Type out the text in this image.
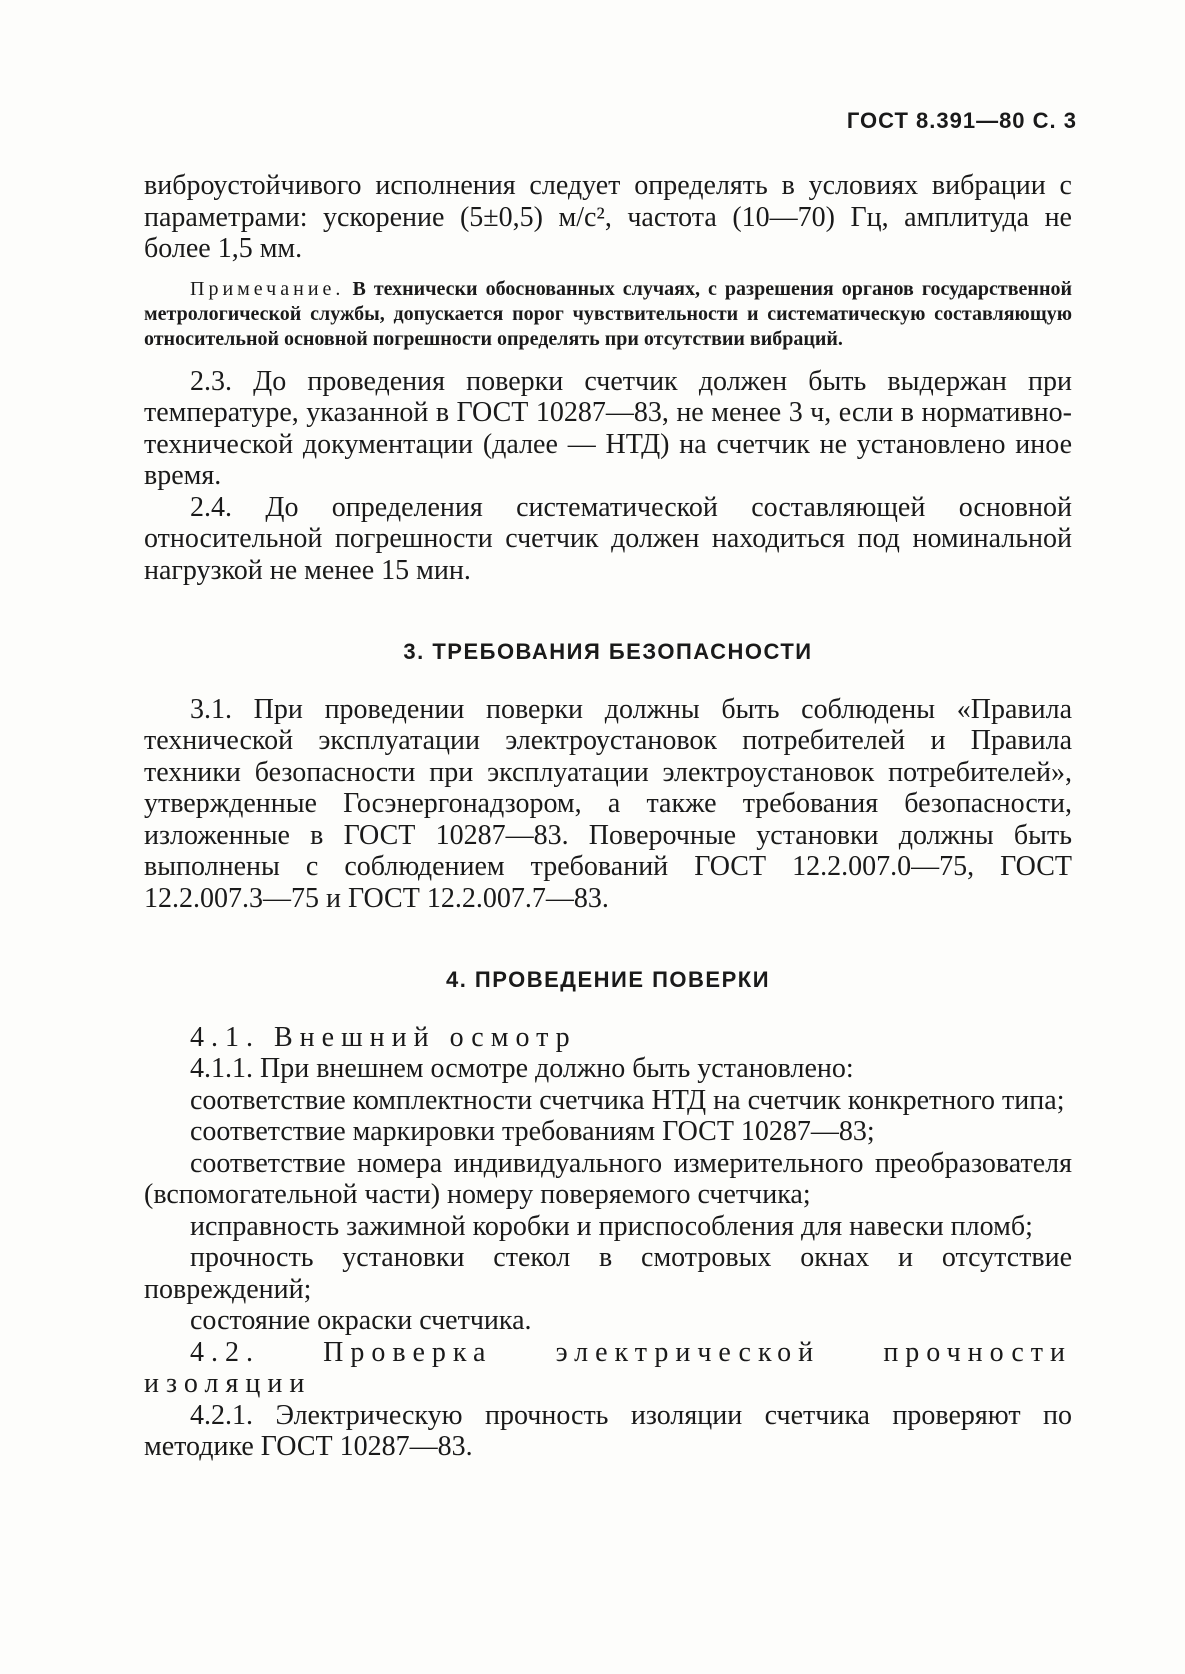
ГОСТ 8.391—80 С. 3

виброустойчивого исполнения следует определять в условиях вибрации с параметрами: ускорение (5±0,5) м/с², частота (10—70) Гц, амплитуда не более 1,5 мм.

Примечание. В технически обоснованных случаях, с разрешения органов государственной метрологической службы, допускается порог чувствительности и систематическую составляющую относительной основной погрешности определять при отсутствии вибраций.

2.3. До проведения поверки счетчик должен быть выдержан при температуре, указанной в ГОСТ 10287—83, не менее 3 ч, если в нормативно-технической документации (далее — НТД) на счетчик не установлено иное время.

2.4. До определения систематической составляющей основной относительной погрешности счетчик должен находиться под номинальной нагрузкой не менее 15 мин.

3. ТРЕБОВАНИЯ БЕЗОПАСНОСТИ

3.1. При проведении поверки должны быть соблюдены «Правила технической эксплуатации электроустановок потребителей и Правила техники безопасности при эксплуатации электроустановок потребителей», утвержденные Госэнергонадзором, а также требования безопасности, изложенные в ГОСТ 10287—83. Поверочные установки должны быть выполнены с соблюдением требований ГОСТ 12.2.007.0—75, ГОСТ 12.2.007.3—75 и ГОСТ 12.2.007.7—83.

4. ПРОВЕДЕНИЕ ПОВЕРКИ

4.1. Внешний осмотр

4.1.1. При внешнем осмотре должно быть установлено:

соответствие комплектности счетчика НТД на счетчик конкретного типа;

соответствие маркировки требованиям ГОСТ 10287—83;

соответствие номера индивидуального измерительного преобразователя (вспомогательной части) номеру поверяемого счетчика;

исправность зажимной коробки и приспособления для навески пломб;

прочность установки стекол в смотровых окнах и отсутствие повреждений;

состояние окраски счетчика.

4.2. Проверка электрической прочности изоляции

4.2.1. Электрическую прочность изоляции счетчика проверяют по методике ГОСТ 10287—83.
